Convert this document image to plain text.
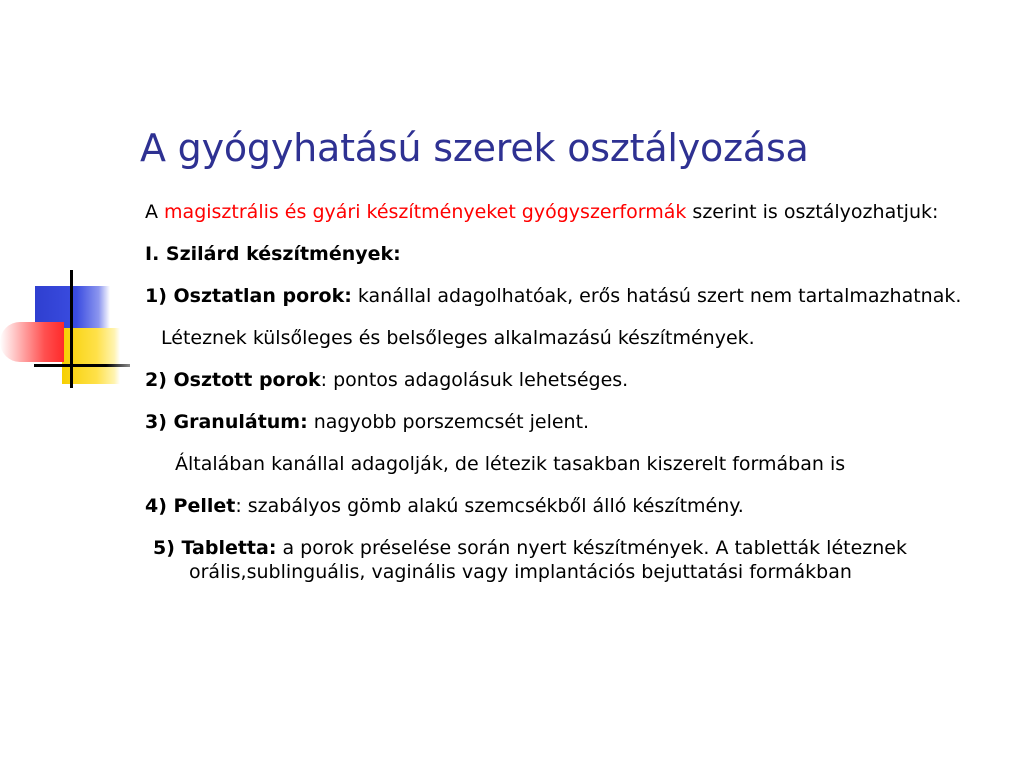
A gyógyhatású szerek osztályozása

A magisztrális és gyári készítményeket gyógyszerformák szerint is osztályozhatjuk:

I. Szilárd készítmények:

1) Osztatlan porok: kanállal adagolhatóak, erős hatású szert nem tartalmazhatnak.

Léteznek külsőleges és belsőleges alkalmazású készítmények.

2) Osztott porok: pontos adagolásuk lehetséges.

3) Granulátum: nagyobb porszemcsét jelent.

Általában kanállal adagolják, de létezik tasakban kiszerelt formában is

4) Pellet: szabályos gömb alakú szemcsékből álló készítmény.

5) Tabletta: a porok préselése során nyert készítmények. A tabletták léteznek orális,sublinguális, vaginális vagy implantációs bejuttatási formákban
